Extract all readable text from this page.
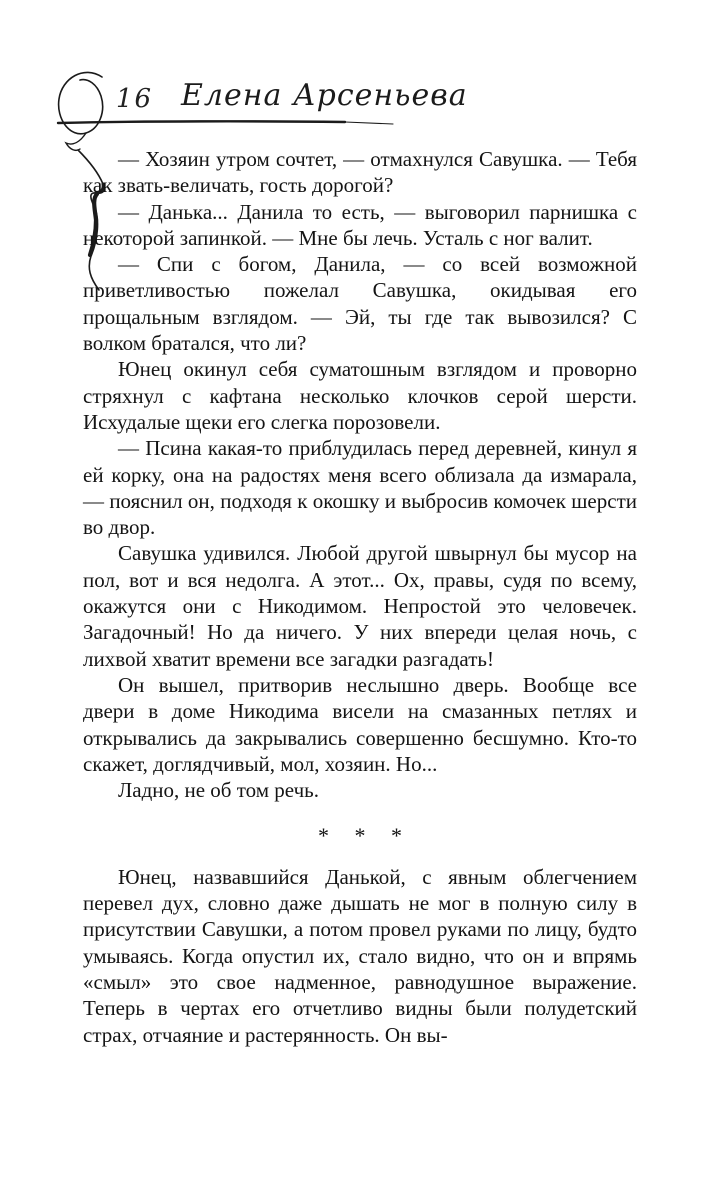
16 Елена Арсеньева

— Хозяин утром сочтет, — отмахнулся Савушка. — Тебя как звать-величать, гость дорогой?

— Данька... Данила то есть, — выговорил парнишка с некоторой запинкой. — Мне бы лечь. Усталь с ног валит.

— Спи с богом, Данила, — со всей возможной приветливостью пожелал Савушка, окидывая его прощальным взглядом. — Эй, ты где так вывозился? С волком братался, что ли?

Юнец окинул себя суматошным взглядом и проворно стряхнул с кафтана несколько клочков серой шерсти. Исхудалые щеки его слегка порозовели.

— Псина какая-то приблудилась перед деревней, кинул я ей корку, она на радостях меня всего облизала да измарала, — пояснил он, подходя к окошку и выбросив комочек шерсти во двор.

Савушка удивился. Любой другой швырнул бы мусор на пол, вот и вся недолга. А этот... Ох, правы, судя по всему, окажутся они с Никодимом. Непростой это человечек. Загадочный! Но да ничего. У них впереди целая ночь, с лихвой хватит времени все загадки разгадать!

Он вышел, притворив неслышно дверь. Вообще все двери в доме Никодима висели на смазанных петлях и открывались да закрывались совершенно бесшумно. Кто-то скажет, доглядчивый, мол, хозяин. Но...

Ладно, не об том речь.

* * *

Юнец, назвавшийся Данькой, с явным облегчением перевел дух, словно даже дышать не мог в полную силу в присутствии Савушки, а потом провел руками по лицу, будто умываясь. Когда опустил их, стало видно, что он и впрямь «смыл» это свое надменное, равнодушное выражение. Теперь в чертах его отчетливо видны были полудетский страх, отчаяние и растерянность. Он вы-
